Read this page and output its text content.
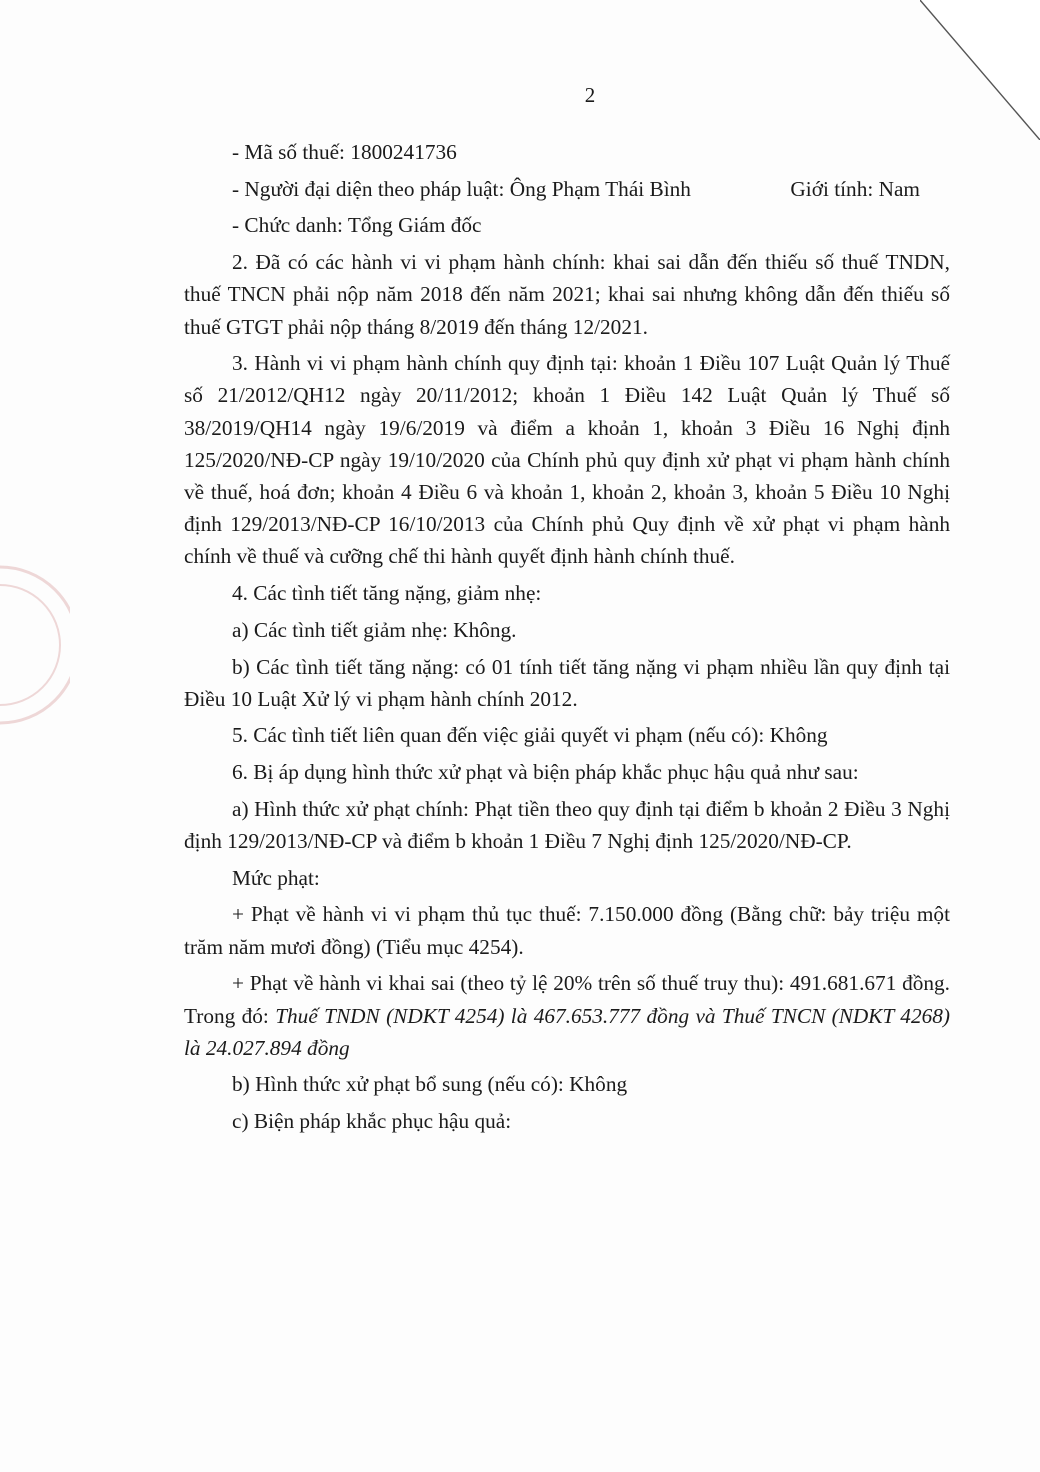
2

- Mã số thuế: 1800241736

- Người đại diện theo pháp luật: Ông Phạm Thái Bình	Giới tính: Nam

- Chức danh: Tổng Giám đốc

2. Đã có các hành vi vi phạm hành chính: khai sai dẫn đến thiếu số thuế TNDN, thuế TNCN phải nộp năm 2018 đến năm 2021; khai sai nhưng không dẫn đến thiếu số thuế GTGT phải nộp tháng 8/2019 đến tháng 12/2021.

3. Hành vi vi phạm hành chính quy định tại: khoản 1 Điều 107 Luật Quản lý Thuế số 21/2012/QH12 ngày 20/11/2012; khoản 1 Điều 142 Luật Quản lý Thuế số 38/2019/QH14 ngày 19/6/2019 và điểm a khoản 1, khoản 3 Điều 16 Nghị định 125/2020/NĐ-CP ngày 19/10/2020 của Chính phủ quy định xử phạt vi phạm hành chính về thuế, hoá đơn; khoản 4 Điều 6 và khoản 1, khoản 2, khoản 3, khoản 5 Điều 10 Nghị định 129/2013/NĐ-CP 16/10/2013 của Chính phủ Quy định về xử phạt vi phạm hành chính về thuế và cưỡng chế thi hành quyết định hành chính thuế.

4. Các tình tiết tăng nặng, giảm nhẹ:

a) Các tình tiết giảm nhẹ: Không.

b) Các tình tiết tăng nặng: có 01 tính tiết tăng nặng vi phạm nhiều lần quy định tại Điều 10 Luật Xử lý vi phạm hành chính 2012.

5. Các tình tiết liên quan đến việc giải quyết vi phạm (nếu có): Không

6. Bị áp dụng hình thức xử phạt và biện pháp khắc phục hậu quả như sau:

a) Hình thức xử phạt chính: Phạt tiền theo quy định tại điểm b khoản 2 Điều 3 Nghị định 129/2013/NĐ-CP và điểm b khoản 1 Điều 7 Nghị định 125/2020/NĐ-CP.

Mức phạt:

+ Phạt về hành vi vi phạm thủ tục thuế: 7.150.000 đồng (Bằng chữ: bảy triệu một trăm năm mươi đồng) (Tiểu mục 4254).

+ Phạt về hành vi khai sai (theo tỷ lệ 20% trên số thuế truy thu): 491.681.671 đồng. Trong đó: Thuế TNDN (NDKT 4254) là 467.653.777 đồng và Thuế TNCN (NDKT 4268) là 24.027.894 đồng

b) Hình thức xử phạt bổ sung (nếu có): Không

c) Biện pháp khắc phục hậu quả:
